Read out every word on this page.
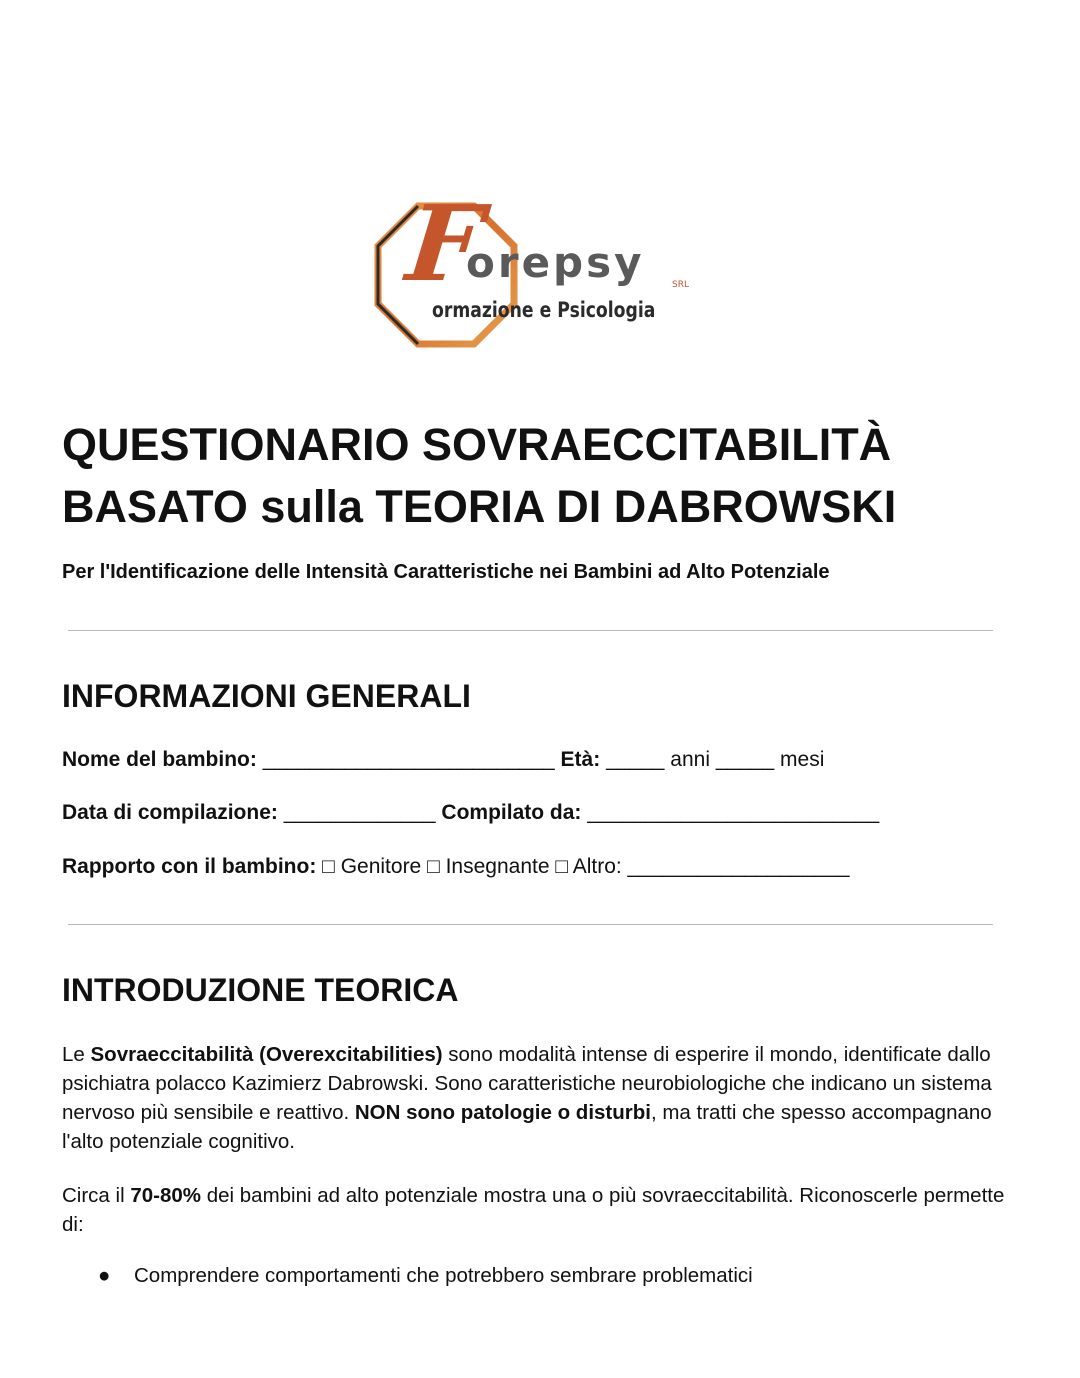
F
orepsy	SRL
ormazione e Psicologia
QUESTIONARIO SOVRAECCITABILITÀ
BASATO sulla TEORIA DI DABROWSKI

Per l'Identificazione delle Intensità Caratteristiche nei Bambini ad Alto Potenziale

INFORMAZIONI GENERALI

Nome del bambino: _________________________ Età: _____ anni _____ mesi

Data di compilazione: _____________ Compilato da: _________________________

Rapporto con il bambino: □ Genitore □ Insegnante □ Altro: ___________________

INTRODUZIONE TEORICA

Le Sovraeccitabilità (Overexcitabilities) sono modalità intense di esperire il mondo, identificate dallo psichiatra polacco Kazimierz Dabrowski. Sono caratteristiche neurobiologiche che indicano un sistema nervoso più sensibile e reattivo. NON sono patologie o disturbi, ma tratti che spesso accompagnano l'alto potenziale cognitivo.

Circa il 70-80% dei bambini ad alto potenziale mostra una o più sovraeccitabilità. Riconoscerle permette di:

● Comprendere comportamenti che potrebbero sembrare problematici
